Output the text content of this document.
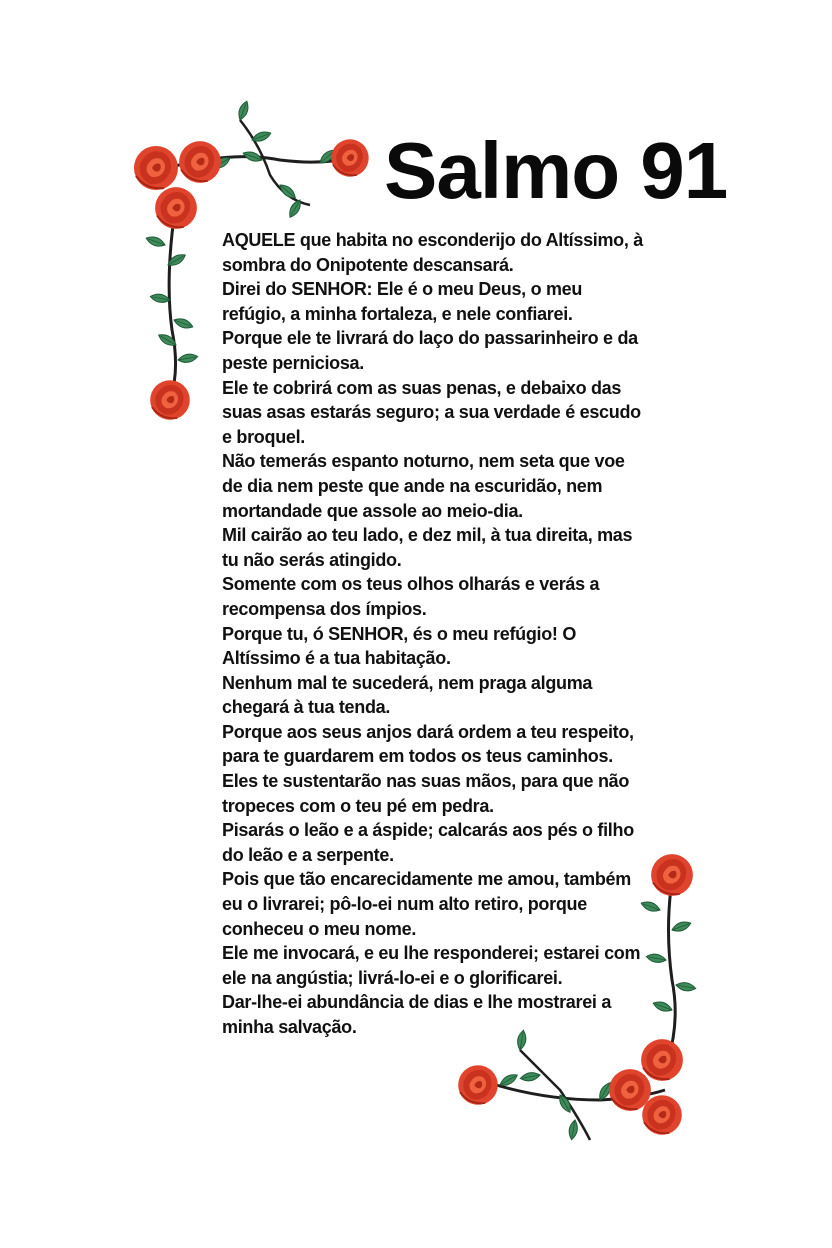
Salmo 91
AQUELE que habita no esconderijo do Altíssimo, à
sombra do Onipotente descansará.
Direi do SENHOR: Ele é o meu Deus, o meu
refúgio, a minha fortaleza, e nele confiarei.
Porque ele te livrará do laço do passarinheiro e da
peste perniciosa.
Ele te cobrirá com as suas penas, e debaixo das
suas asas estarás seguro; a sua verdade é escudo
e broquel.
Não temerás espanto noturno, nem seta que voe
de dia nem peste que ande na escuridão, nem
mortandade que assole ao meio-dia.
Mil cairão ao teu lado, e dez mil, à tua direita, mas
tu não serás atingido.
Somente com os teus olhos olharás e verás a
recompensa dos ímpios.
Porque tu, ó SENHOR, és o meu refúgio! O
Altíssimo é a tua habitação.
Nenhum mal te sucederá, nem praga alguma
chegará à tua tenda.
Porque aos seus anjos dará ordem a teu respeito,
para te guardarem em todos os teus caminhos.
Eles te sustentarão nas suas mãos, para que não
tropeces com o teu pé em pedra.
Pisarás o leão e a áspide; calcarás aos pés o filho
do leão e a serpente.
Pois que tão encarecidamente me amou, também
eu o livrarei; pô-lo-ei num alto retiro, porque
conheceu o meu nome.
Ele me invocará, e eu lhe responderei; estarei com
ele na angústia; livrá-lo-ei e o glorificarei.
Dar-lhe-ei abundância de dias e lhe mostrarei a
minha salvação.
